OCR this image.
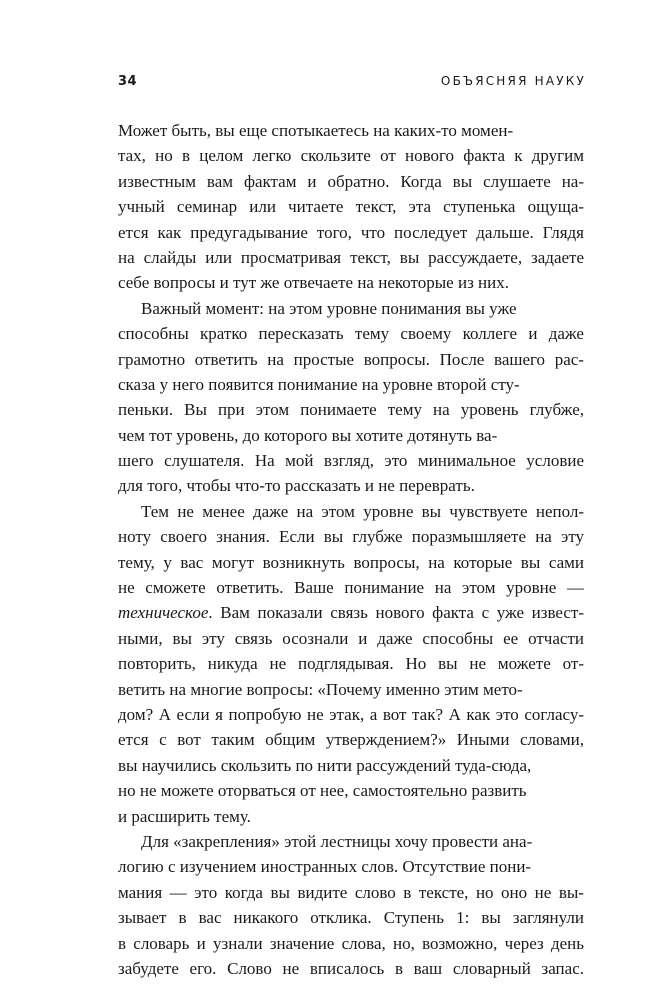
34	ОБЪЯСНЯЯ НАУКУ
Может быть, вы еще спотыкаетесь на каких-то момен-
тах, но в целом легко скользите от нового факта к другим
известным вам фактам и обратно. Когда вы слушаете на-
учный семинар или читаете текст, эта ступенька ощуща-
ется как предугадывание того, что последует дальше. Глядя
на слайды или просматривая текст, вы рассуждаете, задаете
себе вопросы и тут же отвечаете на некоторые из них.
Важный момент: на этом уровне понимания вы уже
способны кратко пересказать тему своему коллеге и даже
грамотно ответить на простые вопросы. После вашего рас-
сказа у него появится понимание на уровне второй сту-
пеньки. Вы при этом понимаете тему на уровень глубже,
чем тот уровень, до которого вы хотите дотянуть ва-
шего слушателя. На мой взгляд, это минимальное условие
для того, чтобы что-то рассказать и не переврать.
Тем не менее даже на этом уровне вы чувствуете непол-
ноту своего знания. Если вы глубже поразмышляете на эту
тему, у вас могут возникнуть вопросы, на которые вы сами
не сможете ответить. Ваше понимание на этом уровне —
техническое. Вам показали связь нового факта с уже извест-
ными, вы эту связь осознали и даже способны ее отчасти
повторить, никуда не подглядывая. Но вы не можете от-
ветить на многие вопросы: «Почему именно этим мето-
дом? А если я попробую не этак, а вот так? А как это согласу-
ется с вот таким общим утверждением?» Иными словами,
вы научились скользить по нити рассуждений туда-сюда,
но не можете оторваться от нее, самостоятельно развить
и расширить тему.
Для «закрепления» этой лестницы хочу провести ана-
логию с изучением иностранных слов. Отсутствие пони-
мания — это когда вы видите слово в тексте, но оно не вы-
зывает в вас никакого отклика. Ступень 1: вы заглянули
в словарь и узнали значение слова, но, возможно, через день
забудете его. Слово не вписалось в ваш словарный запас.
